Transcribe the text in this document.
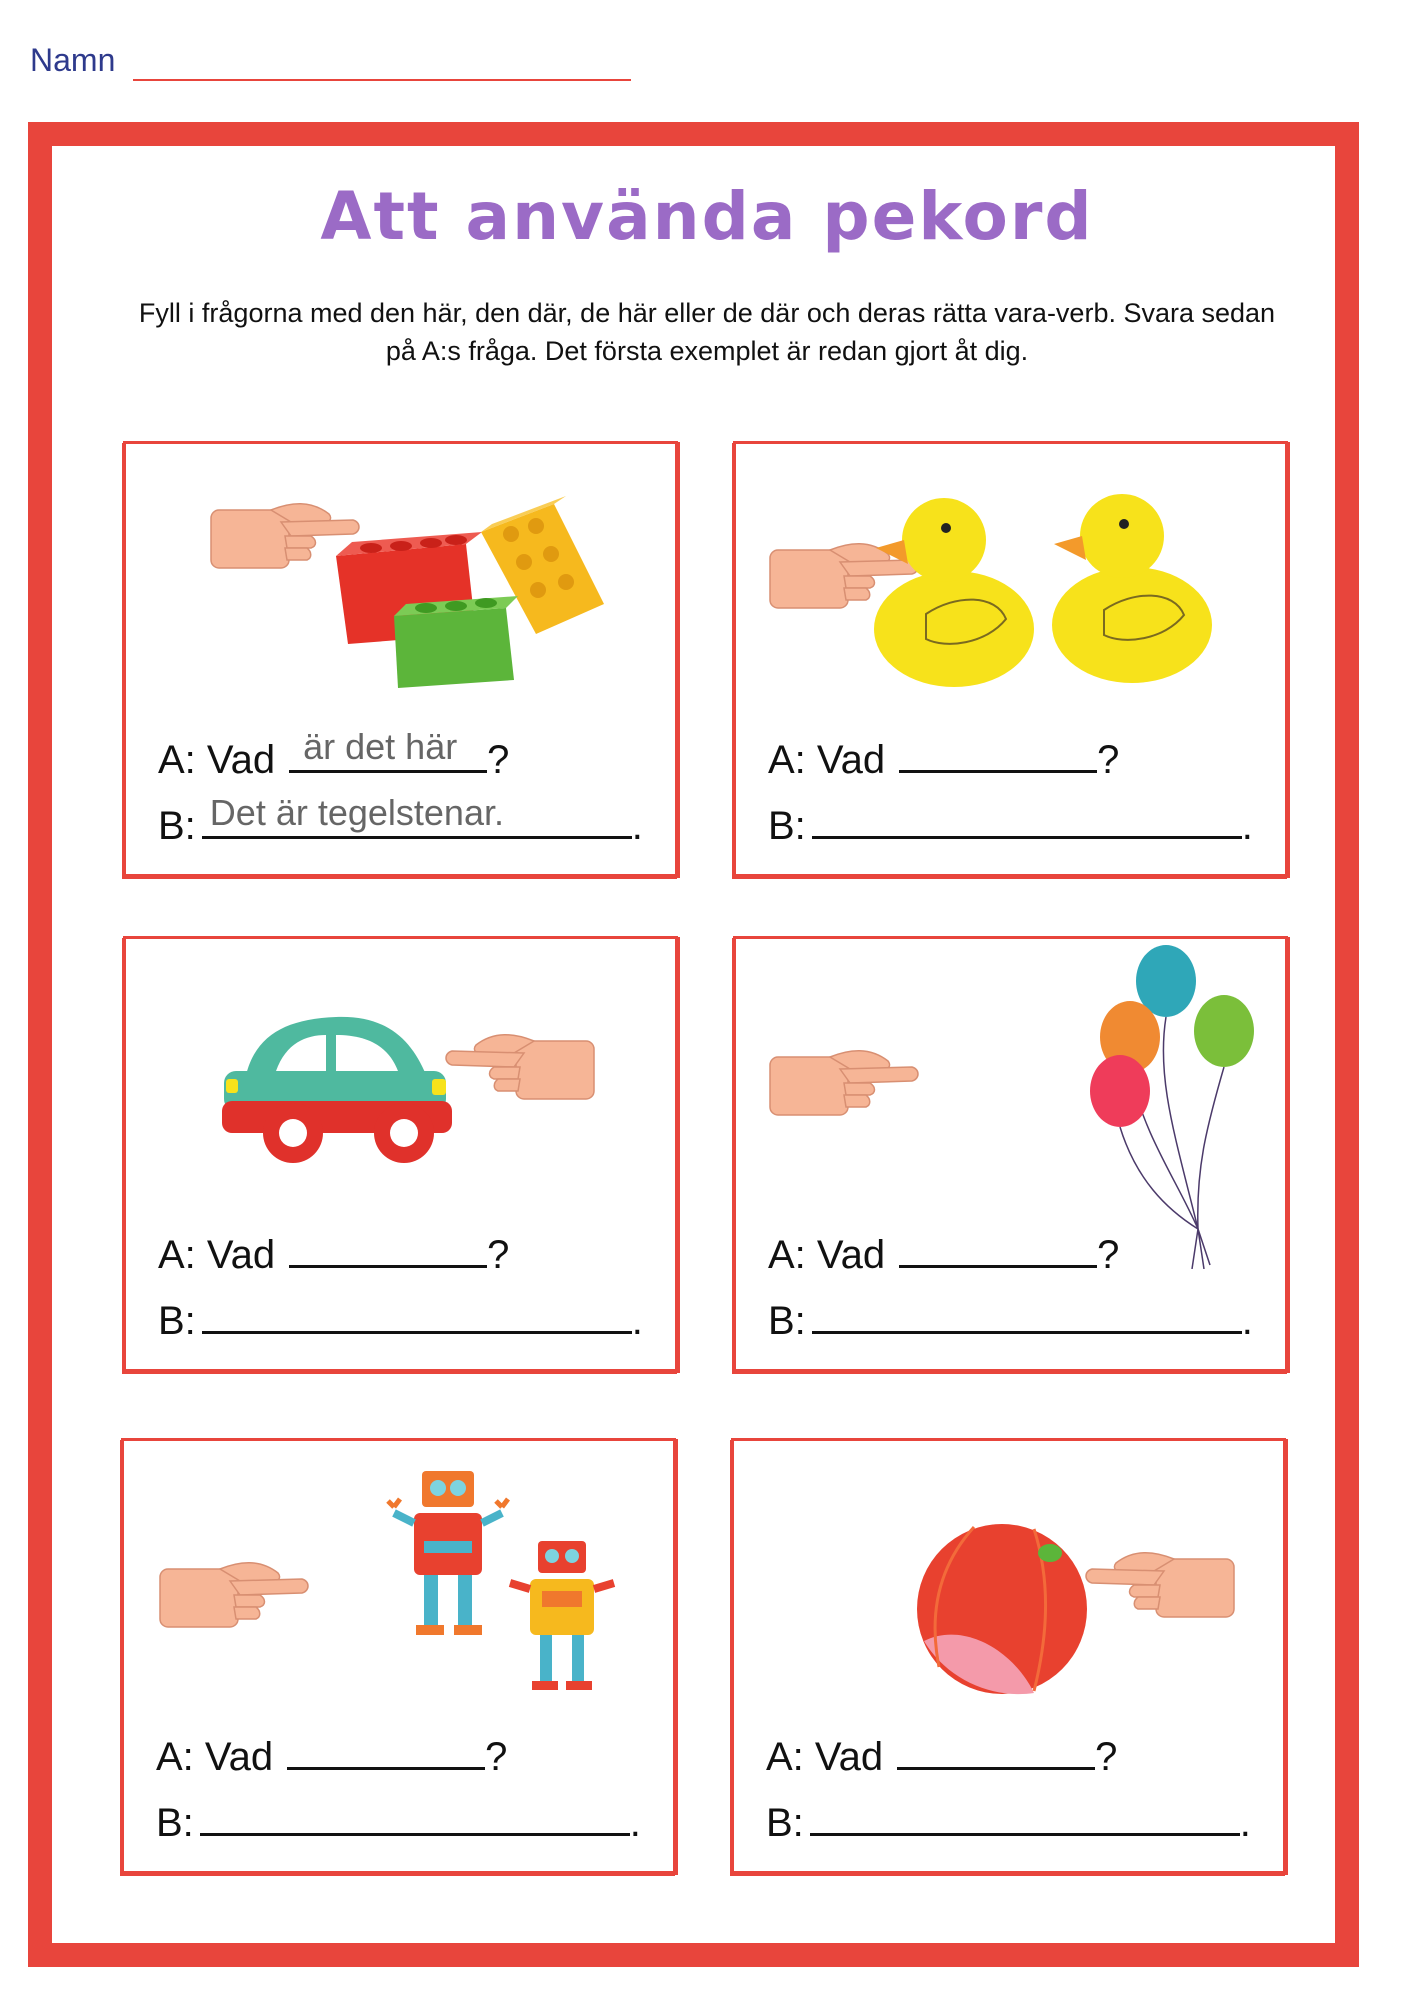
Namn
Att använda pekord
Fyll i frågorna med den här, den där, de här eller de där och deras rätta vara-verb. Svara sedan på A:s fråga. Det första exemplet är redan gjort åt dig.
A: Vad är det här ?
B: Det är tegelstenar.	.
A: Vad	?
B:	.
A: Vad	?
B:	.
A: Vad	?
B:	.
A: Vad	?
B:	.
A: Vad	?
B:	.
